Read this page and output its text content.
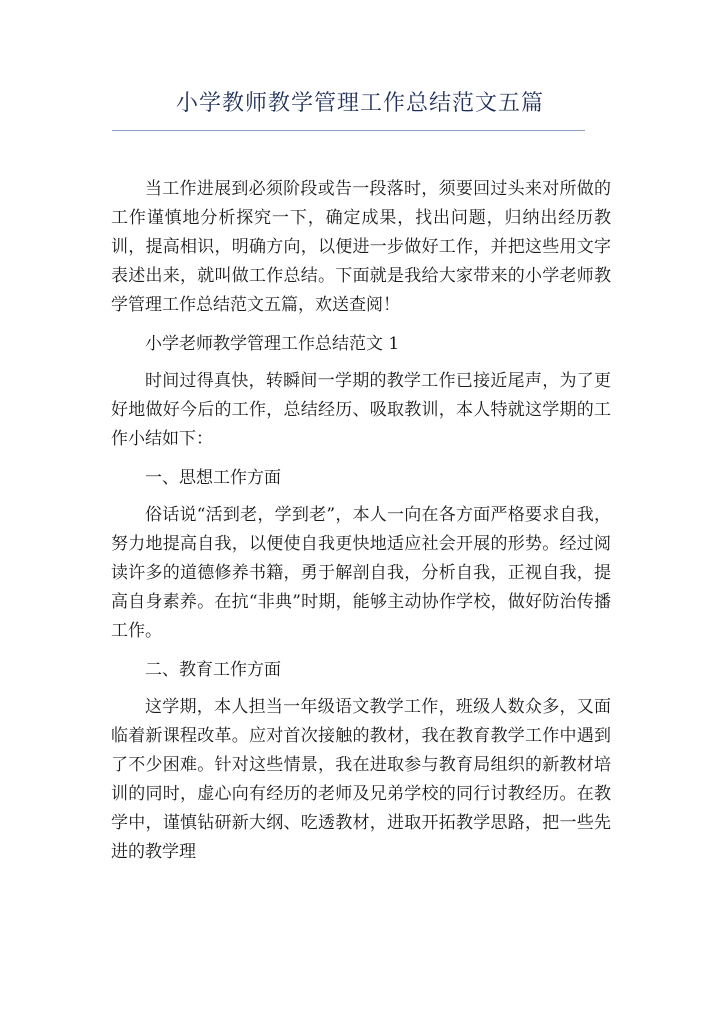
小学教师教学管理工作总结范文五篇

当工作进展到必须阶段或告一段落时，须要回过头来对所做的工作谨慎地分析探究一下，确定成果，找出问题，归纳出经历教训，提高相识，明确方向，以便进一步做好工作，并把这些用文字表述出来，就叫做工作总结。下面就是我给大家带来的小学老师教学管理工作总结范文五篇，欢送查阅！

小学老师教学管理工作总结范文 1

时间过得真快，转瞬间一学期的教学工作已接近尾声，为了更好地做好今后的工作，总结经历、吸取教训，本人特就这学期的工作小结如下：

一、思想工作方面

俗话说“活到老，学到老”，本人一向在各方面严格要求自我，努力地提高自我，以便使自我更快地适应社会开展的形势。经过阅读许多的道德修养书籍，勇于解剖自我，分析自我，正视自我，提高自身素养。在抗“非典”时期，能够主动协作学校，做好防治传播工作。

二、教育工作方面

这学期，本人担当一年级语文教学工作，班级人数众多，又面临着新课程改革。应对首次接触的教材，我在教育教学工作中遇到了不少困难。针对这些情景，我在进取参与教育局组织的新教材培训的同时，虚心向有经历的老师及兄弟学校的同行讨教经历。在教学中，谨慎钻研新大纲、吃透教材，进取开拓教学思路，把一些先进的教学理
